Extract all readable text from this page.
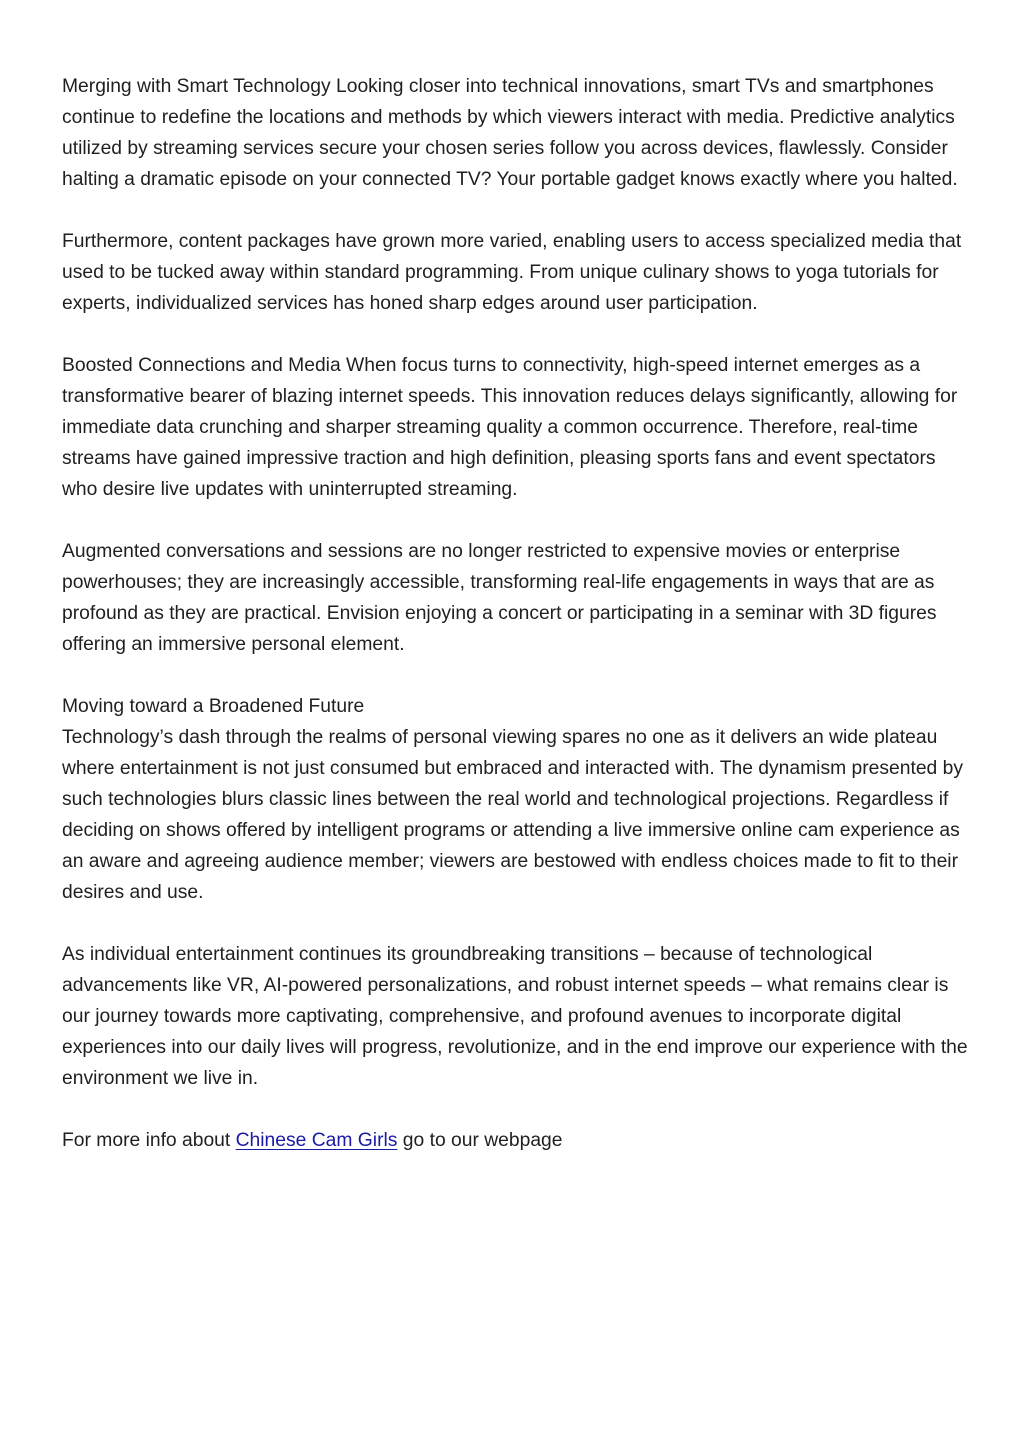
Merging with Smart Technology Looking closer into technical innovations, smart TVs and smartphones continue to redefine the locations and methods by which viewers interact with media. Predictive analytics utilized by streaming services secure your chosen series follow you across devices, flawlessly. Consider halting a dramatic episode on your connected TV? Your portable gadget knows exactly where you halted.

Furthermore, content packages have grown more varied, enabling users to access specialized media that used to be tucked away within standard programming. From unique culinary shows to yoga tutorials for experts, individualized services has honed sharp edges around user participation.

Boosted Connections and Media When focus turns to connectivity, high-speed internet emerges as a transformative bearer of blazing internet speeds. This innovation reduces delays significantly, allowing for immediate data crunching and sharper streaming quality a common occurrence. Therefore, real-time streams have gained impressive traction and high definition, pleasing sports fans and event spectators who desire live updates with uninterrupted streaming.

Augmented conversations and sessions are no longer restricted to expensive movies or enterprise powerhouses; they are increasingly accessible, transforming real-life engagements in ways that are as profound as they are practical. Envision enjoying a concert or participating in a seminar with 3D figures offering an immersive personal element.

Moving toward a Broadened Future
Technology’s dash through the realms of personal viewing spares no one as it delivers an wide plateau where entertainment is not just consumed but embraced and interacted with. The dynamism presented by such technologies blurs classic lines between the real world and technological projections. Regardless if deciding on shows offered by intelligent programs or attending a live immersive online cam experience as an aware and agreeing audience member; viewers are bestowed with endless choices made to fit to their desires and use.

As individual entertainment continues its groundbreaking transitions – because of technological advancements like VR, AI-powered personalizations, and robust internet speeds – what remains clear is our journey towards more captivating, comprehensive, and profound avenues to incorporate digital experiences into our daily lives will progress, revolutionize, and in the end improve our experience with the environment we live in.

For more info about Chinese Cam Girls go to our webpage
